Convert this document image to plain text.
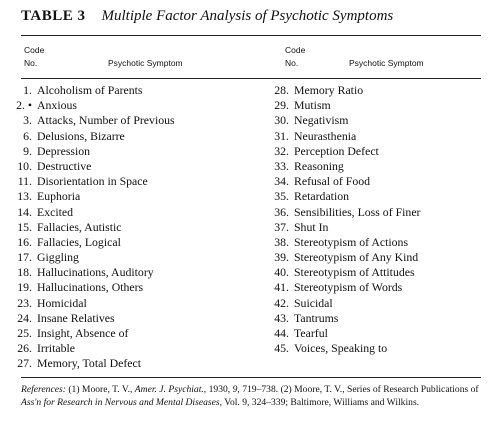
TABLE 3 Multiple Factor Analysis of Psychotic Symptoms
Code
No.	Psychotic Symptom
Code
No.	Psychotic Symptom
1. Alcoholism of Parents
2. • Anxious
3. Attacks, Number of Previous
6. Delusions, Bizarre
9. Depression
10. Destructive
11. Disorientation in Space
13. Euphoria
14. Excited
15. Fallacies, Autistic
16. Fallacies, Logical
17. Giggling
18. Hallucinations, Auditory
19. Hallucinations, Others
23. Homicidal
24. Insane Relatives
25. Insight, Absence of
26. Irritable
27. Memory, Total Defect
28. Memory Ratio
29. Mutism
30. Negativism
31. Neurasthenia
32. Perception Defect
33. Reasoning
34. Refusal of Food
35. Retardation
36. Sensibilities, Loss of Finer
37. Shut In
38. Stereotypism of Actions
39. Stereotypism of Any Kind
40. Stereotypism of Attitudes
41. Stereotypism of Words
42. Suicidal
43. Tantrums
44. Tearful
45. Voices, Speaking to
References: (1) Moore, T. V., Amer. J. Psychiat., 1930, 9, 719–738. (2) Moore, T. V., Series of Research Publications of Ass'n for Research in Nervous and Mental Diseases, Vol. 9, 324–339; Baltimore, Williams and Wilkins.
